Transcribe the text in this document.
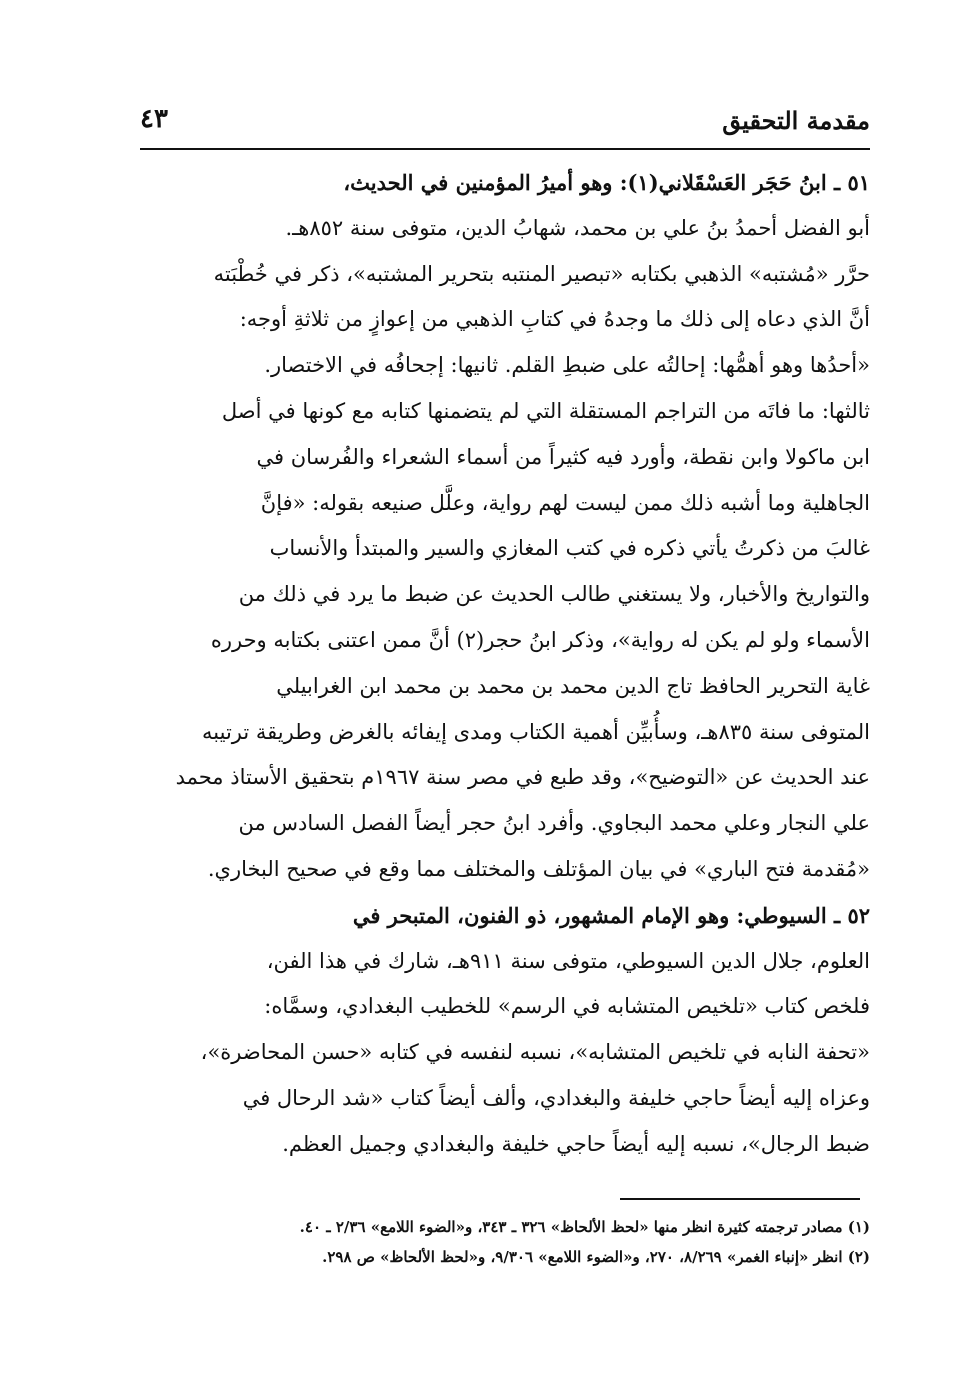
مقدمة التحقيق
٤٣
٥١ ـ ابنُ حَجَر العَسْقَلاني(١): وهو أميرُ المؤمنين في الحديث،
أبو الفضل أحمدُ بنُ علي بن محمد، شهابُ الدين، متوفى سنة ٨٥٢هـ.
حرَّر «مُشتبه» الذهبي بكتابه «تبصير المنتبه بتحرير المشتبه»، ذكر في خُطْبَته
أنَّ الذي دعاه إلى ذلك ما وجدهُ في كتابِ الذهبي من إعوازٍ من ثلاثةِ أوجه:
«أحدُها وهو أهمُّها: إحالتُه على ضبطِ القلم. ثانيها: إجحافُه في الاختصار.
ثالثها: ما فاتَه من التراجم المستقلة التي لم يتضمنها كتابه مع كونها في أصل
ابن ماكولا وابن نقطة، وأورد فيه كثيراً من أسماء الشعراء والفُرسان في
الجاهلية وما أشبه ذلك ممن ليست لهم رواية، وعلَّل صنيعه بقوله: «فإنَّ
غالبَ من ذكرتُ يأتي ذكره في كتب المغازي والسير والمبتدأ والأنساب
والتواريخ والأخبار، ولا يستغني طالب الحديث عن ضبط ما يرد في ذلك من
الأسماء ولو لم يكن له رواية»، وذكر ابنُ حجر(٢) أنَّ ممن اعتنى بكتابه وحرره
غاية التحرير الحافظ تاج الدين محمد بن محمد بن محمد ابن الغرابيلي
المتوفى سنة ٨٣٥هـ، وسأُبيِّن أهمية الكتاب ومدى إيفائه بالغرض وطريقة ترتيبه
عند الحديث عن «التوضيح»، وقد طبع في مصر سنة ١٩٦٧م بتحقيق الأستاذ محمد
علي النجار وعلي محمد البجاوي. وأفرد ابنُ حجر أيضاً الفصل السادس من
«مُقدمة فتح الباري» في بيان المؤتلف والمختلف مما وقع في صحيح البخاري.
٥٢ ـ السيوطي: وهو الإمام المشهور، ذو الفنون، المتبحر في
العلوم، جلال الدين السيوطي، متوفى سنة ٩١١هـ، شارك في هذا الفن،
فلخص كتاب «تلخيص المتشابه في الرسم» للخطيب البغدادي، وسمَّاه:
«تحفة النابه في تلخيص المتشابه»، نسبه لنفسه في كتابه «حسن المحاضرة»،
وعزاه إليه أيضاً حاجي خليفة والبغدادي، وألف أيضاً كتاب «شد الرحال في
ضبط الرجال»، نسبه إليه أيضاً حاجي خليفة والبغدادي وجميل العظم.
(١) مصادر ترجمته كثيرة انظر منها «لحظ الألحاظ» ٣٢٦ ـ ٣٤٣، و«الضوء اللامع» ٢/٣٦ ـ ٤٠.
(٢) انظر «إنباء الغمر» ٨/٢٦٩، ٢٧٠، و«الضوء اللامع» ٩/٣٠٦، و«لحظ الألحاظ» ص ٢٩٨.
